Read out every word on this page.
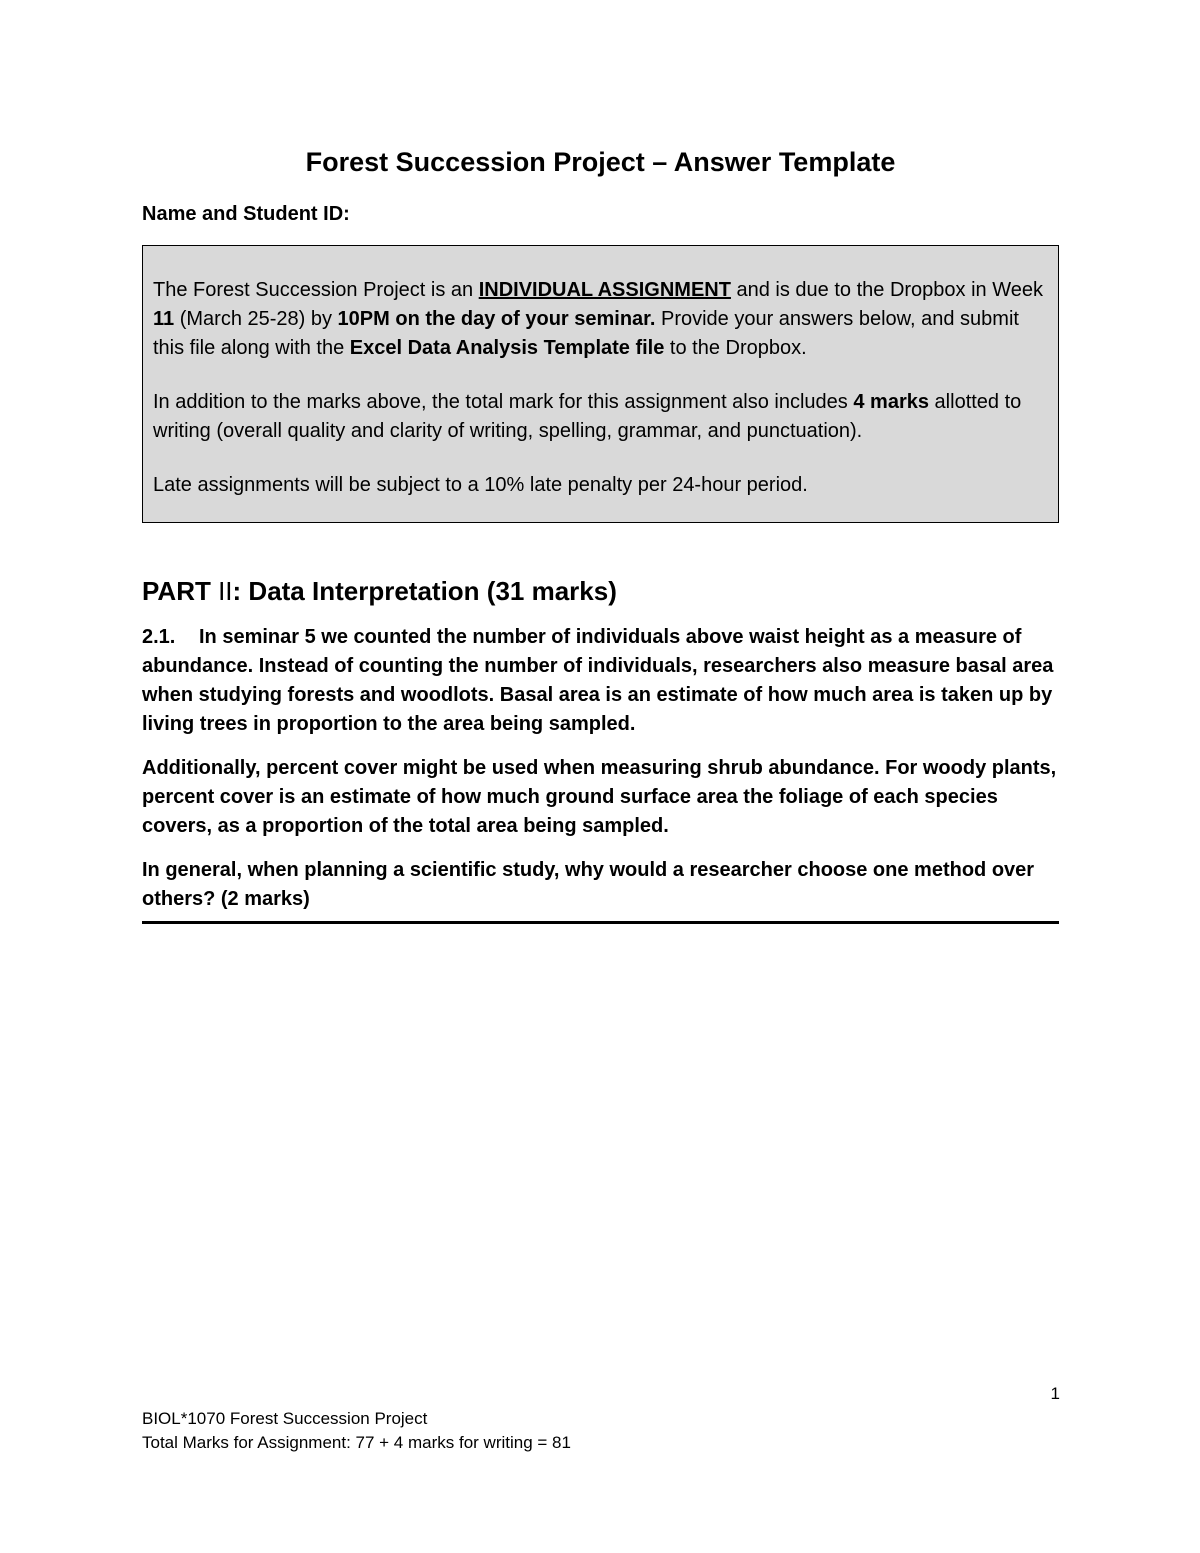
Forest Succession Project – Answer Template
Name and Student ID:

The Forest Succession Project is an INDIVIDUAL ASSIGNMENT and is due to the Dropbox in Week 11 (March 25-28) by 10PM on the day of your seminar. Provide your answers below, and submit this file along with the Excel Data Analysis Template file to the Dropbox.

In addition to the marks above, the total mark for this assignment also includes 4 marks allotted to writing (overall quality and clarity of writing, spelling, grammar, and punctuation).

Late assignments will be subject to a 10% late penalty per 24-hour period.

PART II: Data Interpretation (31 marks)

2.1. In seminar 5 we counted the number of individuals above waist height as a measure of abundance. Instead of counting the number of individuals, researchers also measure basal area when studying forests and woodlots. Basal area is an estimate of how much area is taken up by living trees in proportion to the area being sampled.

Additionally, percent cover might be used when measuring shrub abundance. For woody plants, percent cover is an estimate of how much ground surface area the foliage of each species covers, as a proportion of the total area being sampled.

In general, when planning a scientific study, why would a researcher choose one method over others? (2 marks)

1
BIOL*1070 Forest Succession Project
Total Marks for Assignment: 77 + 4 marks for writing = 81
